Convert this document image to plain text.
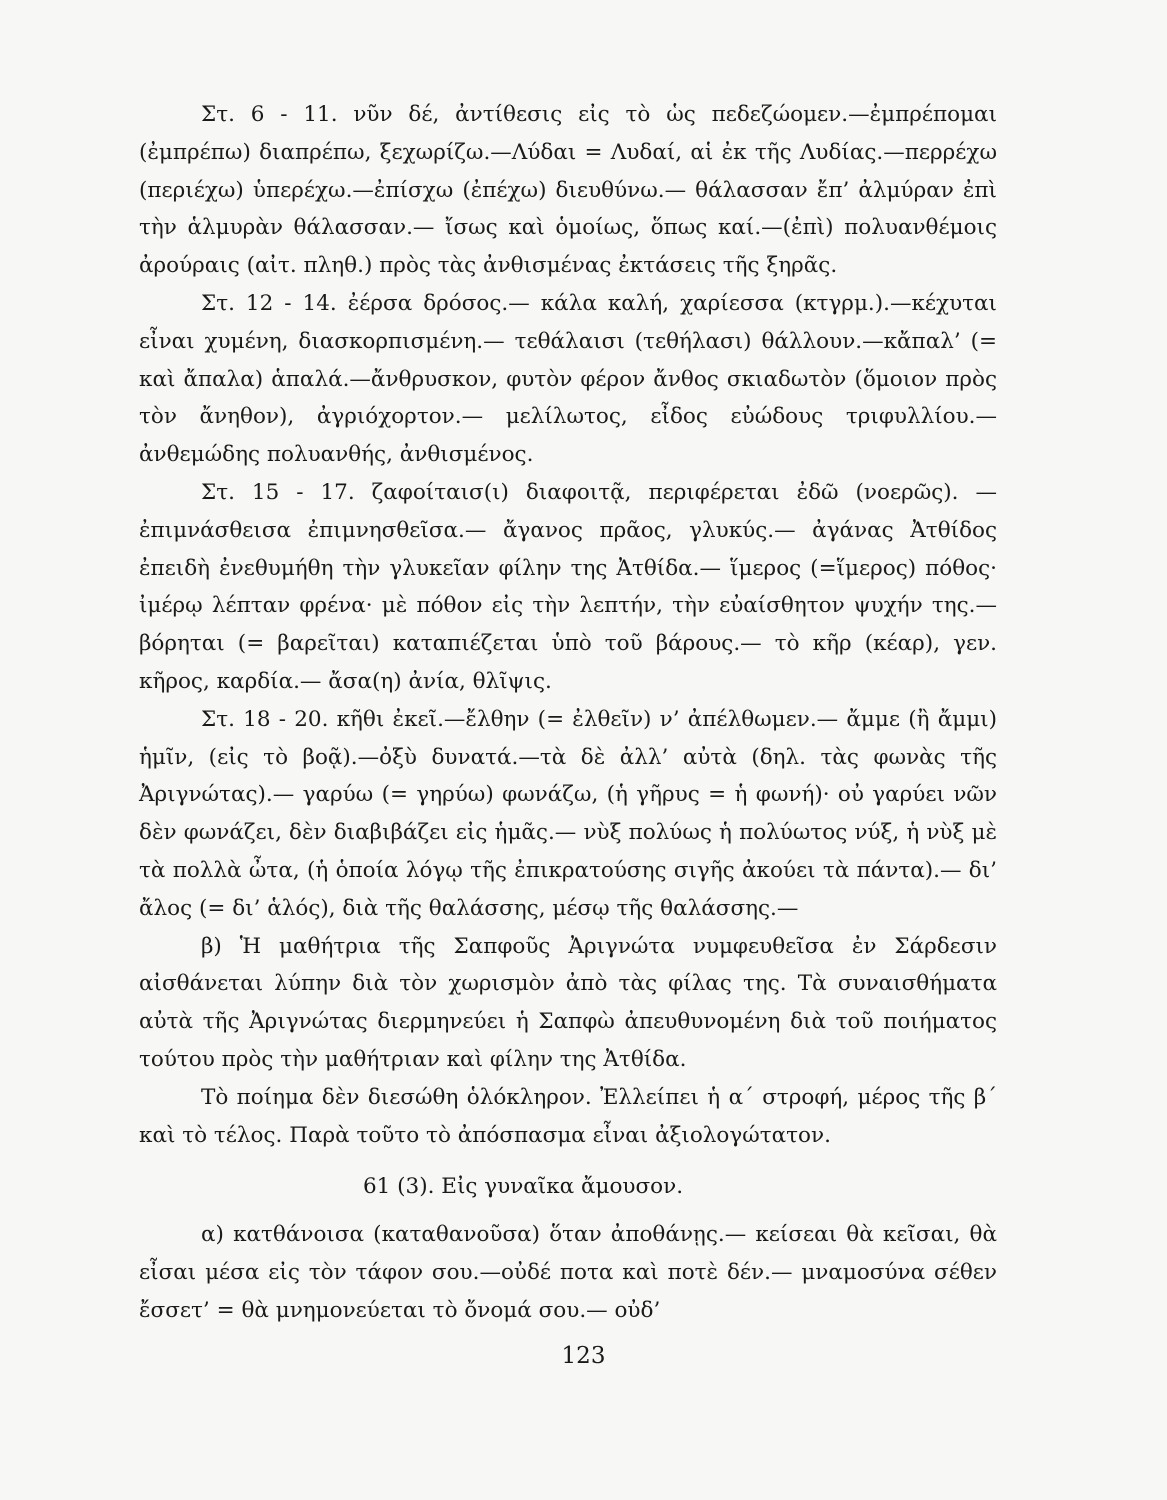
Στ. 6 - 11. νῦν δέ, ἀντίθεσις εἰς τὸ ὡς πεδεζώομεν.—ἐμπρέπομαι (ἐμπρέπω) διαπρέπω, ξεχωρίζω.—Λύδαι = Λυδαί, αἱ ἐκ τῆς Λυδίας.—περρέχω (περιέχω) ὑπερέχω.—ἐπίσχω (ἐπέχω) διευθύνω.— θάλασσαν ἔπ’ ἀλμύραν ἐπὶ τὴν ἁλμυρὰν θάλασσαν.— ἴσως καὶ ὁμοίως, ὅπως καί.—(ἐπὶ) πολυανθέμοις ἀρούραις (αἰτ. πληθ.) πρὸς τὰς ἀνθισμένας ἐκτάσεις τῆς ξηρᾶς.

Στ. 12 - 14. ἐέρσα δρόσος.— κάλα καλή, χαρίεσσα (κτγρμ.).—κέχυται εἶναι χυμένη, διασκορπισμένη.— τεθάλαισι (τεθήλασι) θάλλουν.—κἄπαλ’ (= καὶ ἄπαλα) ἁπαλά.—ἄνθρυσκον, φυτὸν φέρον ἄνθος σκιαδωτὸν (ὅμοιον πρὸς τὸν ἄνηθον), ἀγριόχορτον.— μελίλωτος, εἶδος εὐώδους τριφυλλίου.— ἀνθεμώδης πολυανθής, ἀνθισμένος.

Στ. 15 - 17. ζαφοίταισ(ι) διαφοιτᾷ, περιφέρεται ἐδῶ (νοερῶς). — ἐπιμνάσθεισα ἐπιμνησθεῖσα.— ἄγανος πρᾶος, γλυκύς.— ἀγάνας Ἀτθίδος ἐπειδὴ ἐνεθυμήθη τὴν γλυκεῖαν φίλην της Ἀτθίδα.— ἵμερος (=ἵμερος) πόθος· ἰμέρῳ λέπταν φρένα· μὲ πόθον εἰς τὴν λεπτήν, τὴν εὐαίσθητον ψυχήν της.— βόρηται (= βαρεῖται) καταπιέζεται ὑπὸ τοῦ βάρους.— τὸ κῆρ (κέαρ), γεν. κῆρος, καρδία.— ἄσα(η) ἀνία, θλῖψις.

Στ. 18 - 20. κῆθι ἐκεῖ.—ἔλθην (= ἐλθεῖν) ν’ ἀπέλθωμεν.— ἄμμε (ἢ ἄμμι) ἡμῖν, (εἰς τὸ βοᾷ).—ὀξὺ δυνατά.—τὰ δὲ ἀλλ’ αὐτὰ (δηλ. τὰς φωνὰς τῆς Ἀριγνώτας).— γαρύω (= γηρύω) φωνάζω, (ἡ γῆρυς = ἡ φωνή)· οὐ γαρύει νῶν δὲν φωνάζει, δὲν διαβιβάζει εἰς ἡμᾶς.— νὺξ πολύως ἡ πολύωτος νύξ, ἡ νὺξ μὲ τὰ πολλὰ ὦτα, (ἡ ὁποία λόγῳ τῆς ἐπικρατούσης σιγῆς ἀκούει τὰ πάντα).— δι’ ἄλος (= δι’ ἁλός), διὰ τῆς θαλάσσης, μέσῳ τῆς θαλάσσης.—

β) Ἡ μαθήτρια τῆς Σαπφοῦς Ἀριγνώτα νυμφευθεῖσα ἐν Σάρδεσιν αἰσθάνεται λύπην διὰ τὸν χωρισμὸν ἀπὸ τὰς φίλας της. Τὰ συναισθήματα αὐτὰ τῆς Ἀριγνώτας διερμηνεύει ἡ Σαπφὼ ἀπευθυνομένη διὰ τοῦ ποιήματος τούτου πρὸς τὴν μαθήτριαν καὶ φίλην της Ἀτθίδα.

Τὸ ποίημα δὲν διεσώθη ὁλόκληρον. Ἐλλείπει ἡ α΄ στροφή, μέρος τῆς β΄ καὶ τὸ τέλος. Παρὰ τοῦτο τὸ ἀπόσπασμα εἶναι ἀξιολογώτατον.

61 (3). Εἰς γυναῖκα ἄμουσον.

α) κατθάνοισα (καταθανοῦσα) ὅταν ἀποθάνῃς.— κείσεαι θὰ κεῖσαι, θὰ εἶσαι μέσα εἰς τὸν τάφον σου.—οὐδέ ποτα καὶ ποτὲ δέν.— μναμοσύνα σέθεν ἔσσετ’ = θὰ μνημονεύεται τὸ ὄνομά σου.— οὐδ’

123
